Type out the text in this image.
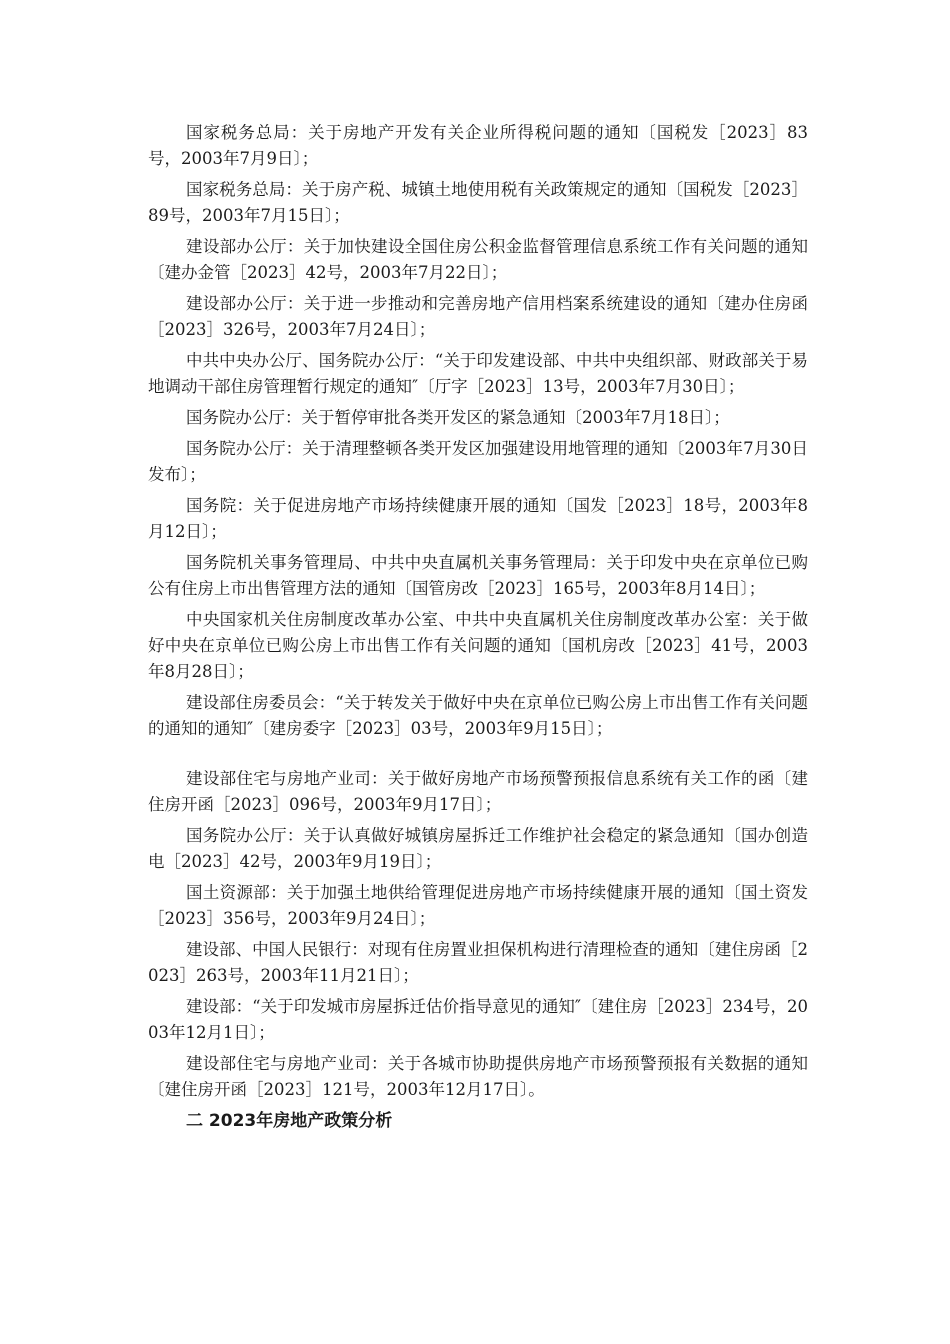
国家税务总局：关于房地产开发有关企业所得税问题的通知〔国税发［2023］83号，2003年7月9日〕；

国家税务总局：关于房产税、城镇土地使用税有关政策规定的通知〔国税发［2023］89号，2003年7月15日〕；

建设部办公厅：关于加快建设全国住房公积金监督管理信息系统工作有关问题的通知〔建办金管［2023］42号，2003年7月22日〕；

建设部办公厅：关于进一步推动和完善房地产信用档案系统建设的通知〔建办住房函［2023］326号，2003年7月24日〕；

中共中央办公厅、国务院办公厅：“关于印发建设部、中共中央组织部、财政部关于易地调动干部住房管理暂行规定的通知″〔厅字［2023］13号，2003年7月30日〕；

国务院办公厅：关于暂停审批各类开发区的紧急通知〔2003年7月18日〕；

国务院办公厅：关于清理整顿各类开发区加强建设用地管理的通知〔2003年7月30日发布〕；

国务院：关于促进房地产市场持续健康开展的通知〔国发［2023］18号，2003年8月12日〕；

国务院机关事务管理局、中共中央直属机关事务管理局：关于印发中央在京单位已购公有住房上市出售管理方法的通知〔国管房改［2023］165号，2003年8月14日〕；

中央国家机关住房制度改革办公室、中共中央直属机关住房制度改革办公室：关于做好中央在京单位已购公房上市出售工作有关问题的通知〔国机房改［2023］41号，2003年8月28日〕；

建设部住房委员会：“关于转发关于做好中央在京单位已购公房上市出售工作有关问题的通知的通知″〔建房委字［2023］03号，2003年9月15日〕；

建设部住宅与房地产业司：关于做好房地产市场预警预报信息系统有关工作的函〔建住房开函［2023］096号，2003年9月17日〕；

国务院办公厅：关于认真做好城镇房屋拆迁工作维护社会稳定的紧急通知〔国办创造电［2023］42号，2003年9月19日〕；

国土资源部：关于加强土地供给管理促进房地产市场持续健康开展的通知〔国土资发［2023］356号，2003年9月24日〕；

建设部、中国人民银行：对现有住房置业担保机构进行清理检查的通知〔建住房函［2023］263号，2003年11月21日〕；

建设部：“关于印发城市房屋拆迁估价指导意见的通知″〔建住房［2023］234号，2003年12月1日〕；

建设部住宅与房地产业司：关于各城市协助提供房地产市场预警预报有关数据的通知〔建住房开函［2023］121号，2003年12月17日〕。

二 2023年房地产政策分析
